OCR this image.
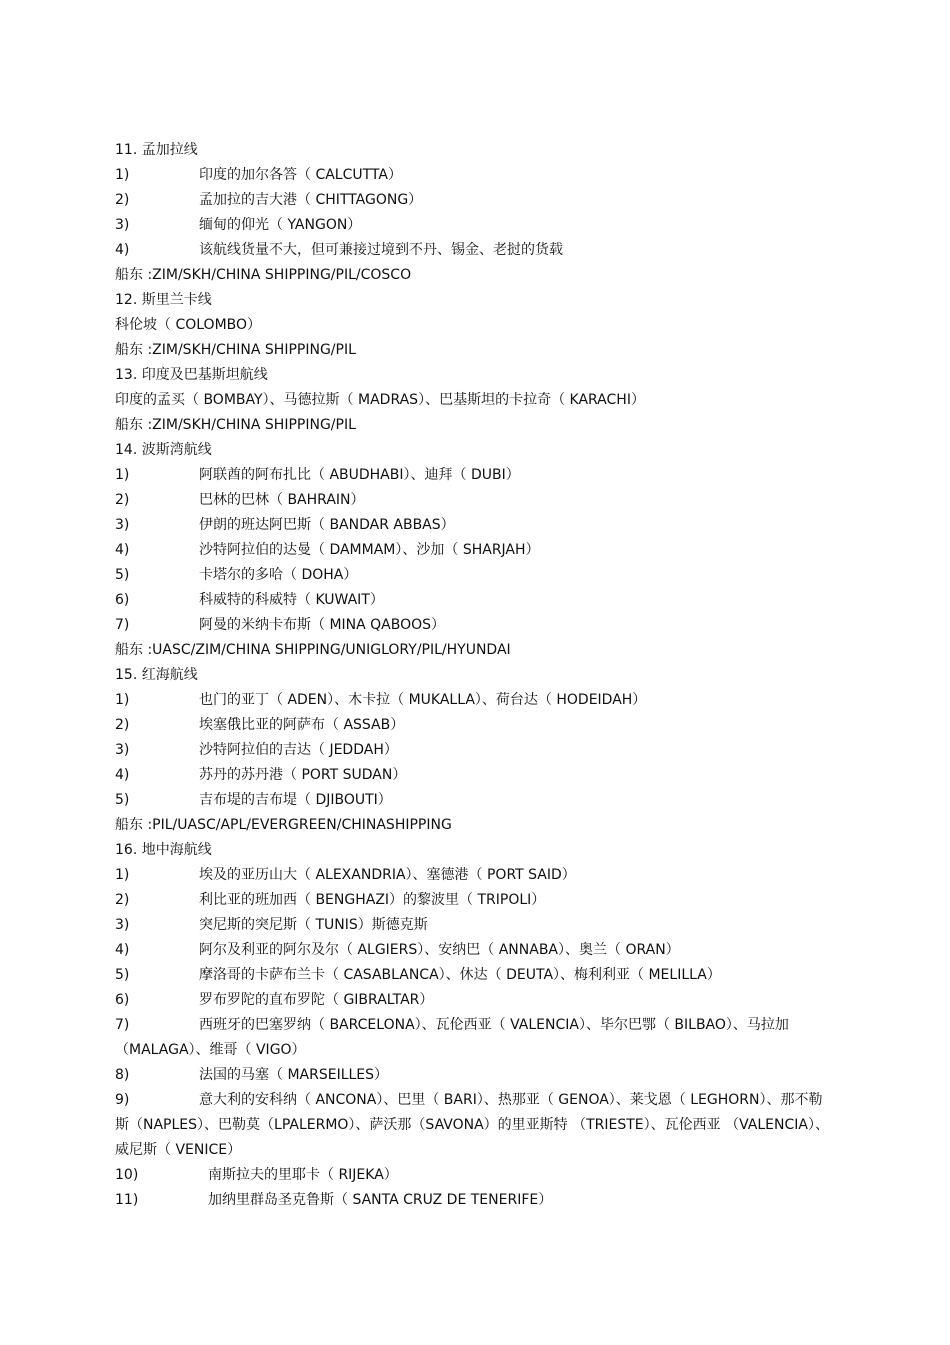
11. 孟加拉线
1)	印度的加尔各答（ CALCUTTA）
2)	孟加拉的吉大港（ CHITTAGONG）
3)	缅甸的仰光（ YANGON）
4)	该航线货量不大，但可兼接过境到不丹、锡金、老挝的货载
船东 :ZIM/SKH/CHINA SHIPPING/PIL/COSCO
12. 斯里兰卡线
科伦坡（ COLOMBO）
船东 :ZIM/SKH/CHINA SHIPPING/PIL
13. 印度及巴基斯坦航线
印度的孟买（ BOMBAY）、马德拉斯（ MADRAS）、巴基斯坦的卡拉奇（ KARACHI）
船东 :ZIM/SKH/CHINA SHIPPING/PIL
14. 波斯湾航线
1)	阿联酋的阿布扎比（ ABUDHABI）、迪拜（ DUBI）
2)	巴林的巴林（ BAHRAIN）
3)	伊朗的班达阿巴斯（ BANDAR ABBAS）
4)	沙特阿拉伯的达曼（ DAMMAM）、沙加（ SHARJAH）
5)	卡塔尔的多哈（ DOHA）
6)	科威特的科威特（ KUWAIT）
7)	阿曼的米纳卡布斯（ MINA QABOOS）
船东 :UASC/ZIM/CHINA SHIPPING/UNIGLORY/PIL/HYUNDAI
15. 红海航线
1)	也门的亚丁（ ADEN）、木卡拉（ MUKALLA）、荷台达（ HODEIDAH）
2)	埃塞俄比亚的阿萨布（ ASSAB）
3)	沙特阿拉伯的吉达（ JEDDAH）
4)	苏丹的苏丹港（ PORT SUDAN）
5)	吉布堤的吉布堤（ DJIBOUTI）
船东 :PIL/UASC/APL/EVERGREEN/CHINASHIPPING
16. 地中海航线
1)	埃及的亚历山大（ ALEXANDRIA）、塞德港（ PORT SAID）
2)	利比亚的班加西（ BENGHAZI）的黎波里（ TRIPOLI）
3)	突尼斯的突尼斯（ TUNIS）斯德克斯
4)	阿尔及利亚的阿尔及尔（ ALGIERS）、安纳巴（ ANNABA）、奥兰（ ORAN）
5)	摩洛哥的卡萨布兰卡（ CASABLANCA）、休达（ DEUTA）、梅利利亚（ MELILLA）
6)	罗布罗陀的直布罗陀（ GIBRALTAR）
7)	西班牙的巴塞罗纳（ BARCELONA）、瓦伦西亚（ VALENCIA）、毕尔巴鄂（ BILBAO）、马拉加（MALAGA）、维哥（ VIGO）
8)	法国的马塞（ MARSEILLES）
9)	意大利的安科纳（ ANCONA）、巴里（ BARI）、热那亚（ GENOA）、莱戈恩（ LEGHORN）、那不勒斯（NAPLES）、巴勒莫（LPALERMO）、萨沃那（SAVONA）的里亚斯特 （TRIESTE）、瓦伦西亚 （VALENCIA）、威尼斯（ VENICE）
10)	南斯拉夫的里耶卡（ RIJEKA）
11)	加纳里群岛圣克鲁斯（ SANTA CRUZ DE TENERIFE）
